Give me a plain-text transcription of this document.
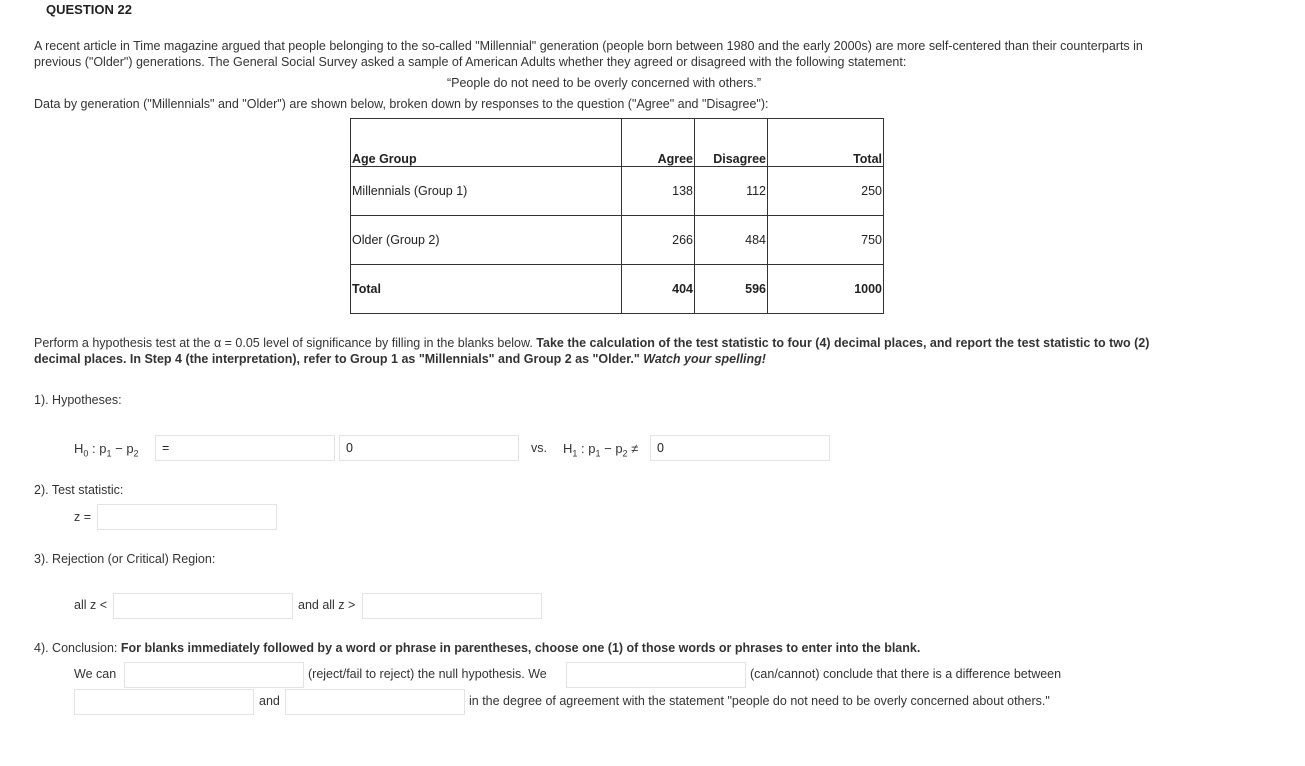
QUESTION 22
A recent article in Time magazine argued that people belonging to the so-called "Millennial" generation (people born between 1980 and the early 2000s) are more self-centered than their counterparts in previous ("Older") generations. The General Social Survey asked a sample of American Adults whether they agreed or disagreed with the following statement:
“People do not need to be overly concerned with others.”
Data by generation ("Millennials" and "Older") are shown below, broken down by responses to the question ("Agree" and "Disagree"):
Age Group	Agree	Disagree	Total
Millennials (Group 1)	138	112	250
Older (Group 2)	266	484	750
Total	404	596	1000
Perform a hypothesis test at the α = 0.05 level of significance by filling in the blanks below. Take the calculation of the test statistic to four (4) decimal places, and report the test statistic to two (2) decimal places. In Step 4 (the interpretation), refer to Group 1 as "Millennials" and Group 2 as "Older." Watch your spelling!
1). Hypotheses:
$H_0$ : $p_1 - p_2$
=
0	vs. $H_1$ : $p_1 - p_2$ ≠
0
2). Test statistic:
z =
3). Rejection (or Critical) Region:
all z <	and all z >
4). Conclusion: For blanks immediately followed by a word or phrase in parentheses, choose one (1) of those words or phrases to enter into the blank.
We can	(reject/fail to reject) the null hypothesis. We	(can/cannot) conclude that there is a difference between
and	in the degree of agreement with the statement "people do not need to be overly concerned about others."
